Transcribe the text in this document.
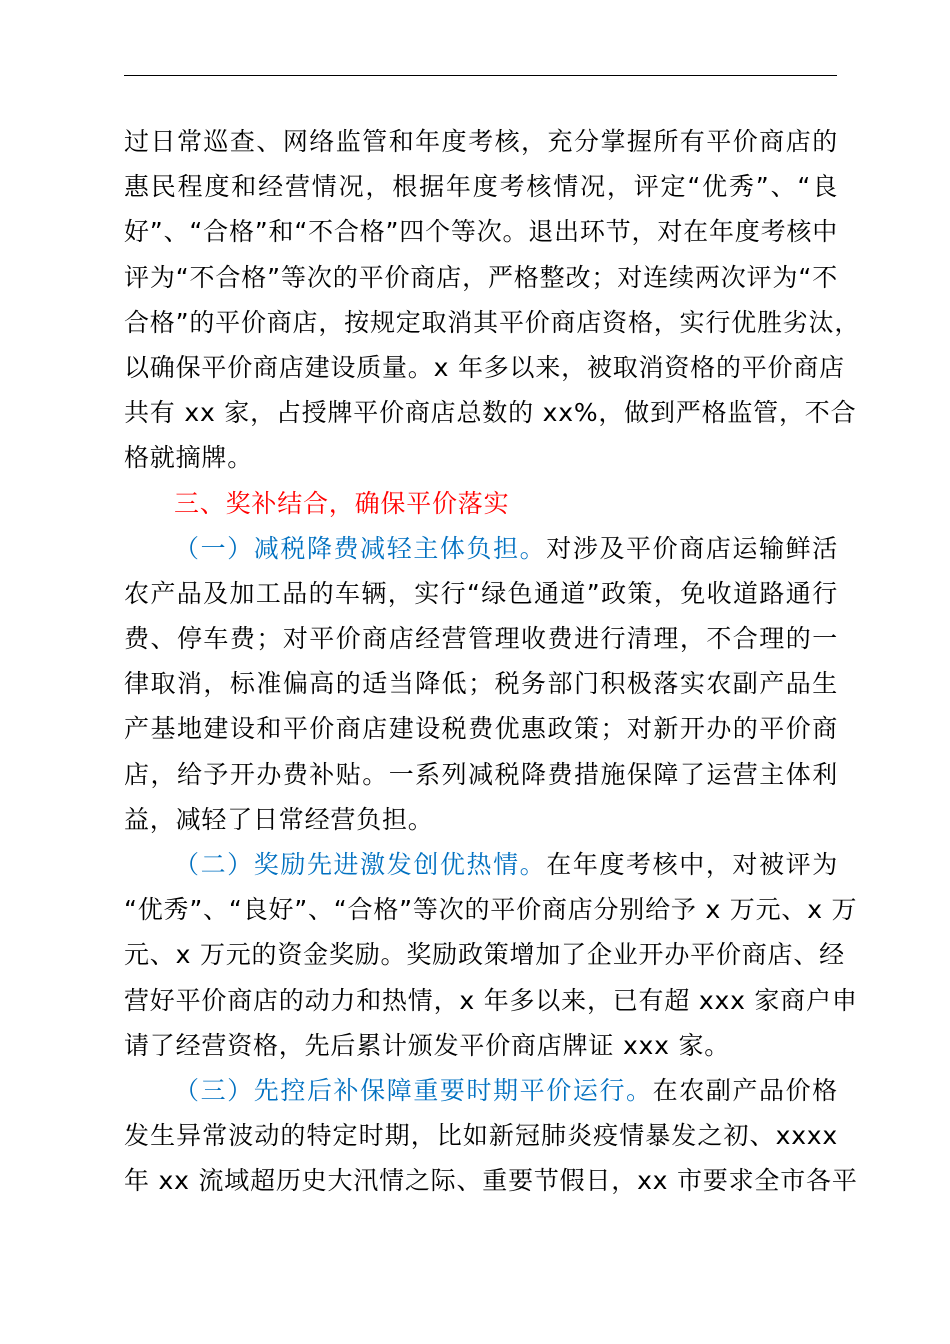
过日常巡查、网络监管和年度考核，充分掌握所有平价商店的
惠民程度和经营情况，根据年度考核情况，评定“优秀”、“良
好”、“合格”和“不合格”四个等次。退出环节，对在年度考核中
评为“不合格”等次的平价商店，严格整改；对连续两次评为“不
合格”的平价商店，按规定取消其平价商店资格，实行优胜劣汰，
以确保平价商店建设质量。x 年多以来，被取消资格的平价商店
共有 xx 家，占授牌平价商店总数的 xx%，做到严格监管，不合
格就摘牌。
三、奖补结合，确保平价落实
（一）减税降费减轻主体负担。对涉及平价商店运输鲜活
农产品及加工品的车辆，实行“绿色通道”政策，免收道路通行
费、停车费；对平价商店经营管理收费进行清理，不合理的一
律取消，标准偏高的适当降低；税务部门积极落实农副产品生
产基地建设和平价商店建设税费优惠政策；对新开办的平价商
店，给予开办费补贴。一系列减税降费措施保障了运营主体利
益，减轻了日常经营负担。
（二）奖励先进激发创优热情。在年度考核中，对被评为
“优秀”、“良好”、“合格”等次的平价商店分别给予 x 万元、x 万
元、x 万元的资金奖励。奖励政策增加了企业开办平价商店、经
营好平价商店的动力和热情，x 年多以来，已有超 xxx 家商户申
请了经营资格，先后累计颁发平价商店牌证 xxx 家。
（三）先控后补保障重要时期平价运行。在农副产品价格
发生异常波动的特定时期，比如新冠肺炎疫情暴发之初、xxxx
年 xx 流域超历史大汛情之际、重要节假日，xx 市要求全市各平
